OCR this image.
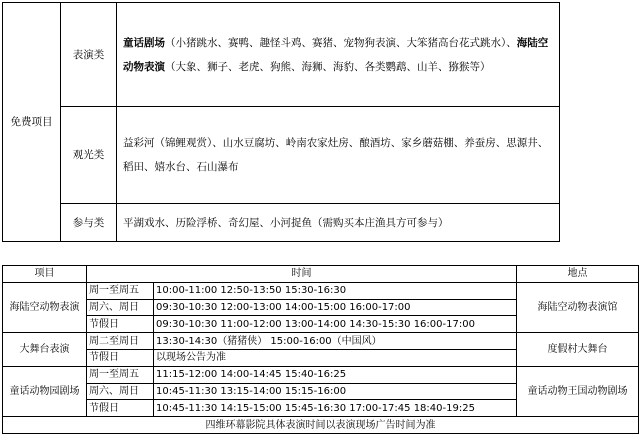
免费项目	表演类	童话剧场（小猪跳水、赛鸭、趣怪斗鸡、赛猪、宠物狗表演、大笨猪高台花式跳水）、海陆空动物表演（大象、狮子、老虎、狗熊、海狮、海豹、各类鹦鹉、山羊、猕猴等）
	观光类	益彩河（锦鲤观赏）、山水豆腐坊、岭南农家灶房、酿酒坊、家乡蘑菇棚、养蚕房、思源井、稻田、嬉水台、石山瀑布
	参与类	平湖戏水、历险浮桥、奇幻屋、小河捉鱼（需购买本庄渔具方可参与）
项目	时间		地点
海陆空动物表演	周一至周五	10:00-11:00 12:50-13:50 15:30-16:30	海陆空动物表演馆
	周六、周日	09:30-10:30 12:00-13:00 14:00-15:00 16:00-17:00	
	节假日	09:30-10:30 11:00-12:00 13:00-14:00 14:30-15:30 16:00-17:00	
大舞台表演	周二至周日	13:30-14:30（猪猪侠） 15:00-16:00（中国风）	度假村大舞台
	节假日	以现场公告为准	
童话动物园剧场	周一至周五	11:15-12:00 14:00-14:45 15:40-16:25	童话动物王国动物剧场
	周六、周日	10:45-11:30 13:15-14:00 15:15-16:00	
	节假日	10:45-11:30 14:15-15:00 15:45-16:30 17:00-17:45 18:40-19:25	
四维环幕影院具体表演时间以表演现场广告时间为准			
